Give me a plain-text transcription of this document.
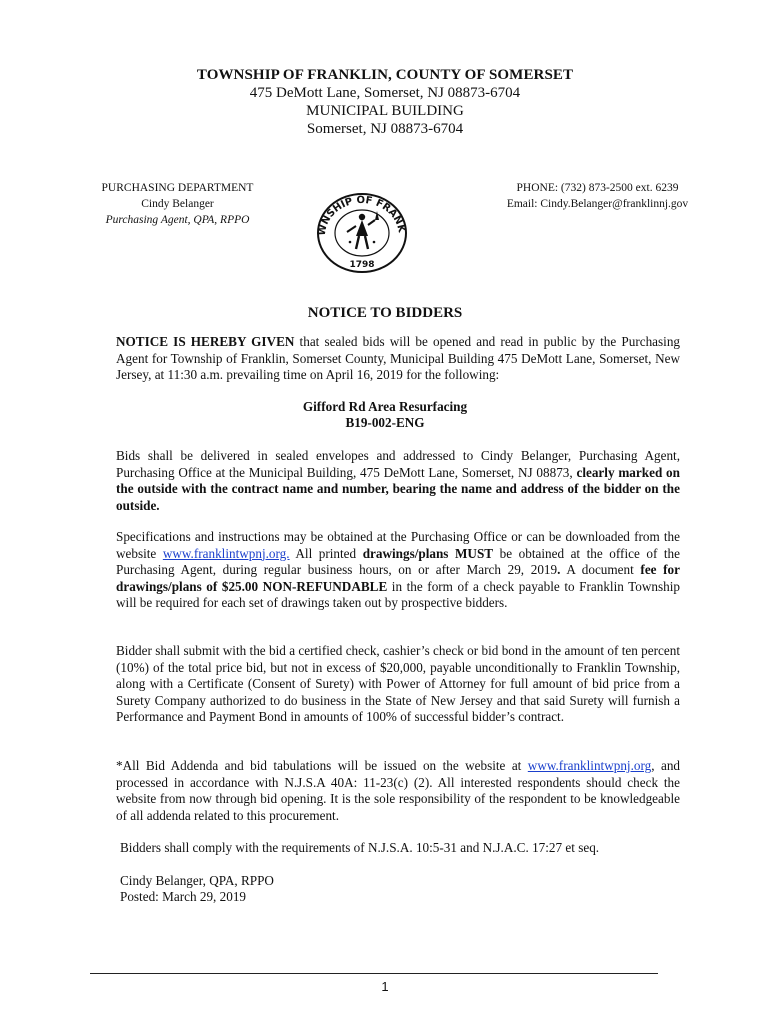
TOWNSHIP OF FRANKLIN, COUNTY OF SOMERSET
475 DeMott Lane, Somerset, NJ 08873-6704
MUNICIPAL BUILDING
Somerset, NJ 08873-6704
PURCHASING DEPARTMENT
Cindy Belanger
Purchasing Agent, QPA, RPPO
PHONE: (732) 873-2500 ext. 6239
Email: Cindy.Belanger@franklinnj.gov
WNSHIP OF FRANK
1798
NOTICE TO BIDDERS
NOTICE IS HEREBY GIVEN that sealed bids will be opened and read in public by the Purchasing Agent for Township of Franklin, Somerset County, Municipal Building 475 DeMott Lane, Somerset, New Jersey, at 11:30 a.m. prevailing time on April 16, 2019 for the following:
Gifford Rd Area Resurfacing
B19-002-ENG
Bids shall be delivered in sealed envelopes and addressed to Cindy Belanger, Purchasing Agent, Purchasing Office at the Municipal Building, 475 DeMott Lane, Somerset, NJ 08873, clearly marked on the outside with the contract name and number, bearing the name and address of the bidder on the outside.
Specifications and instructions may be obtained at the Purchasing Office or can be downloaded from the website www.franklintwpnj.org. All printed drawings/plans MUST be obtained at the office of the Purchasing Agent, during regular business hours, on or after March 29, 2019. A document fee for drawings/plans of $25.00 NON-REFUNDABLE in the form of a check payable to Franklin Township will be required for each set of drawings taken out by prospective bidders.
Bidder shall submit with the bid a certified check, cashier’s check or bid bond in the amount of ten percent (10%) of the total price bid, but not in excess of $20,000, payable unconditionally to Franklin Township, along with a Certificate (Consent of Surety) with Power of Attorney for full amount of bid price from a Surety Company authorized to do business in the State of New Jersey and that said Surety will furnish a Performance and Payment Bond in amounts of 100% of successful bidder’s contract.
*All Bid Addenda and bid tabulations will be issued on the website at www.franklintwpnj.org, and processed in accordance with N.J.S.A 40A: 11-23(c) (2). All interested respondents should check the website from now through bid opening. It is the sole responsibility of the respondent to be knowledgeable of all addenda related to this procurement.
Bidders shall comply with the requirements of N.J.S.A. 10:5-31 and N.J.A.C. 17:27 et seq.
Cindy Belanger, QPA, RPPO
Posted: March 29, 2019
1
